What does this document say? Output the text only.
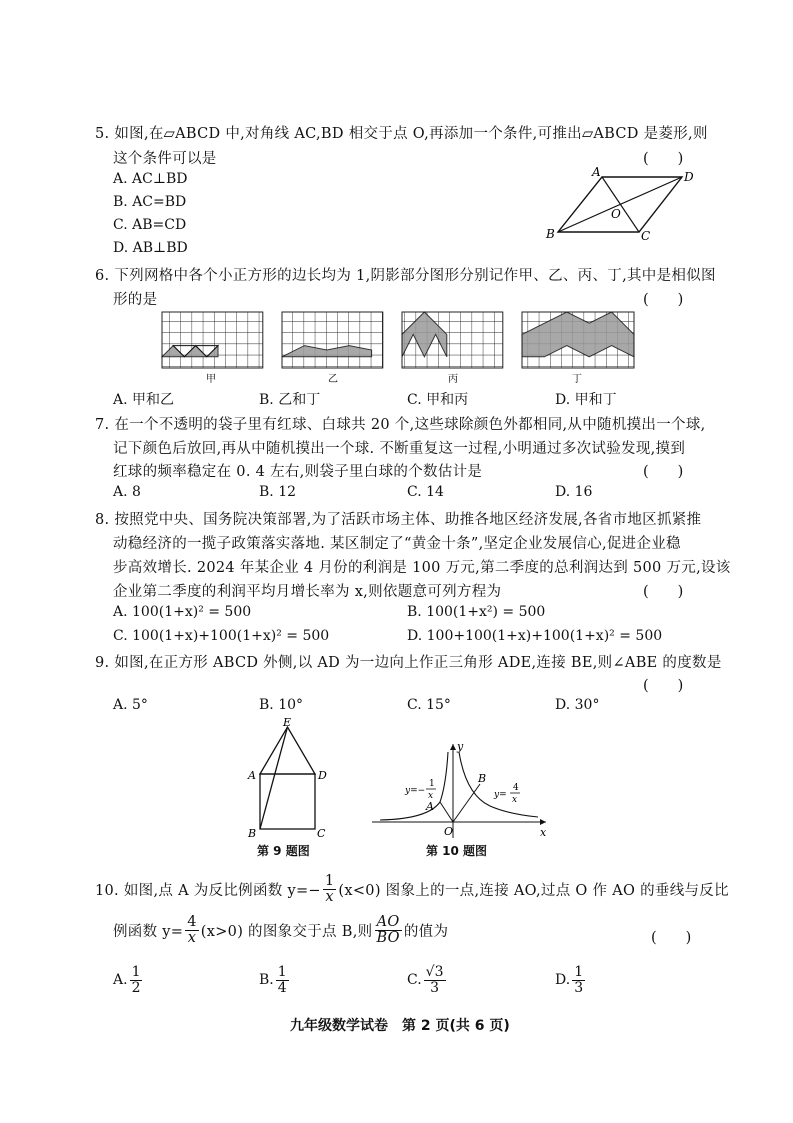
5. 如图,在▱ABCD 中,对角线 AC,BD 相交于点 O,再添加一个条件,可推出▱ABCD 是菱形,则
这个条件可以是	(　　)
A. AC⊥BD
B. AC=BD
C. AB=CD
D. AB⊥BD
A	D
B	C
O
6. 下列网格中各个小正方形的边长均为 1,阴影部分图形分别记作甲、乙、丙、丁,其中是相似图
形的是	(　　)
甲	乙	丙	丁
A. 甲和乙	B. 乙和丁	C. 甲和丙	D. 甲和丁
7. 在一个不透明的袋子里有红球、白球共 20 个,这些球除颜色外都相同,从中随机摸出一个球,
记下颜色后放回,再从中随机摸出一个球. 不断重复这一过程,小明通过多次试验发现,摸到
红球的频率稳定在 0. 4 左右,则袋子里白球的个数估计是	(　　)
A. 8	B. 12	C. 14	D. 16
8. 按照党中央、国务院决策部署,为了活跃市场主体、助推各地区经济发展,各省市地区抓紧推
动稳经济的一揽子政策落实落地. 某区制定了“黄金十条”,坚定企业发展信心,促进企业稳
步高效增长. 2024 年某企业 4 月份的利润是 100 万元,第二季度的总利润达到 500 万元,设该
企业第二季度的利润平均月增长率为 x,则依题意可列方程为	(　　)
A. 100(1+x)² = 500	B. 100(1+x²) = 500
C. 100(1+x)+100(1+x)² = 500	D. 100+100(1+x)+100(1+x)² = 500
9. 如图,在正方形 ABCD 外侧,以 AD 为一边向上作正三角形 ADE,连接 BE,则∠ABE 的度数是
(　　)
A. 5°	B. 10°	C. 15°	D. 30°
E
A	D
B	C
第 9 题图
y
x
O
A
B
y=−
1
x	y=
4
x
第 10 题图
10. 如图,点 A 为反比例函数 $y=- \frac{1}{x} (x<0)$ 图象上的一点,连接 AO,过点 O 作 AO 的垂线与反比
例函数 $y= \frac{4}{x} (x>0)$ 的图象交于点 B,则 $\frac{AO}{BO}$ 的值为	(　　)
A. $\frac{1}{2}$	B. $\frac{1}{4}$	C. $\frac{√3}{3}$	D. $\frac{1}{3}$
九年级数学试卷　第 2 页(共 6 页)
